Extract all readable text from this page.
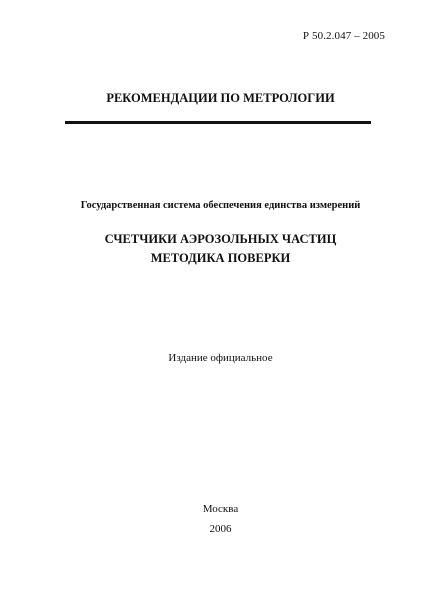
Р 50.2.047 – 2005
РЕКОМЕНДАЦИИ ПО МЕТРОЛОГИИ
Государственная система обеспечения единства измерений
СЧЕТЧИКИ АЭРОЗОЛЬНЫХ ЧАСТИЦ
МЕТОДИКА ПОВЕРКИ
Издание официальное
Москва
2006
